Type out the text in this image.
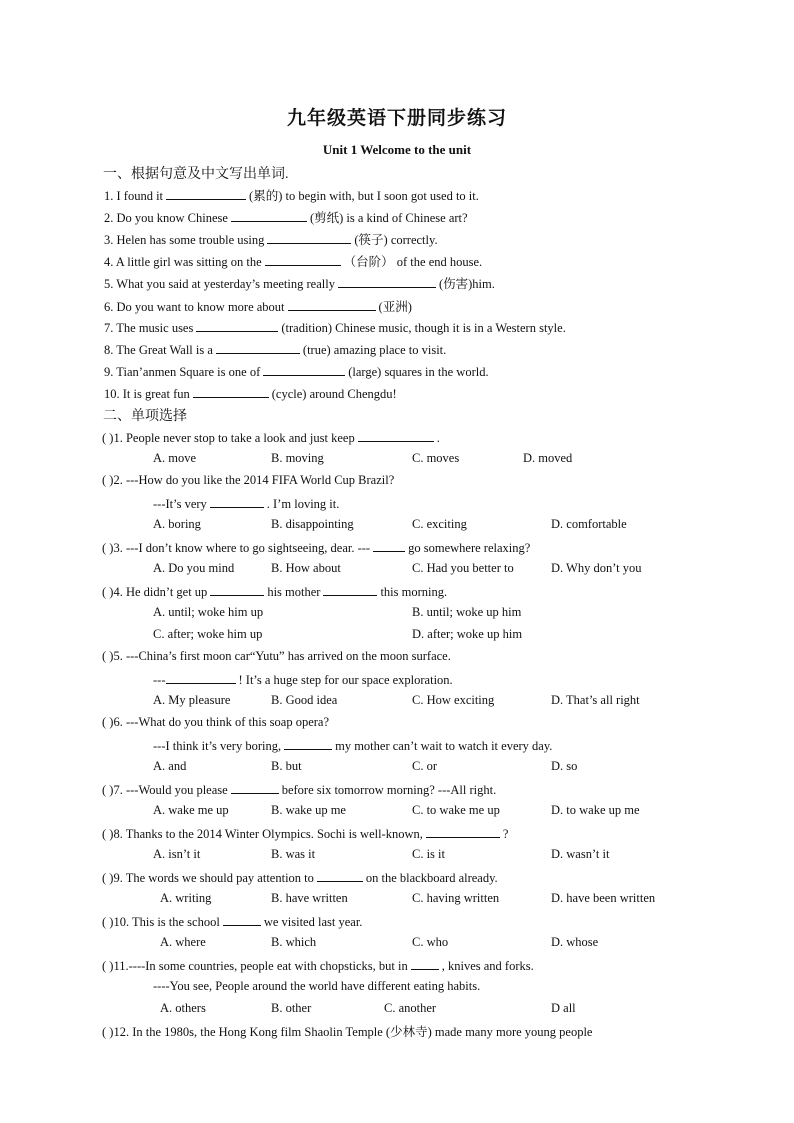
九年级英语下册同步练习
Unit 1 Welcome to the unit
一、根据句意及中文写出单词.
1. I found it	(累的) to begin with, but I soon got used to it.
2. Do you know Chinese	(剪纸) is a kind of Chinese art?
3. Helen has some trouble using	(筷子) correctly.
4. A little girl was sitting on the	（台阶） of the end house.
5. What you said at yesterday’s meeting really	(伤害)him.
6. Do you want to know more about	(亚洲)
7. The music uses	(tradition) Chinese music, though it is in a Western style.
8. The Great Wall is a	(true) amazing place to visit.
9. Tian’anmen Square is one of	(large) squares in the world.
10. It is great fun	(cycle) around Chengdu!
二、单项选择
( )1. People never stop to take a look and just keep	.
A. move	B. moving	C. moves	D. moved
( )2. ---How do you like the 2014 FIFA World Cup Brazil?
---It’s very	. I’m loving it.
A. boring	B. disappointing	C. exciting	D. comfortable
( )3. ---I don’t know where to go sightseeing, dear. ---	go somewhere relaxing?
A. Do you mind	B. How about	C. Had you better to	D. Why don’t you
( )4. He didn’t get up	his mother	this morning.
A. until; woke him up	B. until; woke up him
C. after; woke him up	D. after; woke up him
( )5. ---China’s first moon car“Yutu” has arrived on the moon surface.
---	! It’s a huge step for our space exploration.
A. My pleasure	B. Good idea	C. How exciting	D. That’s all right
( )6. ---What do you think of this soap opera?
---I think it’s very boring,	my mother can’t wait to watch it every day.
A. and	B. but	C. or	D. so
( )7. ---Would you please	before six tomorrow morning? ---All right.
A. wake me up	B. wake up me	C. to wake me up	D. to wake up me
( )8. Thanks to the 2014 Winter Olympics. Sochi is well-known,	?
A. isn’t it	B. was it	C. is it	D. wasn’t it
( )9. The words we should pay attention to	on the blackboard already.
A. writing	B. have written	C. having written	D. have been written
( )10. This is the school	we visited last year.
A. where	B. which	C. who	D. whose
( )11.----In some countries, people eat with chopsticks, but in	, knives and forks.
----You see, People around the world have different eating habits.
A. others	B. other	C. another	D all
( )12. In the 1980s, the Hong Kong film Shaolin Temple (少林寺) made many more young people
